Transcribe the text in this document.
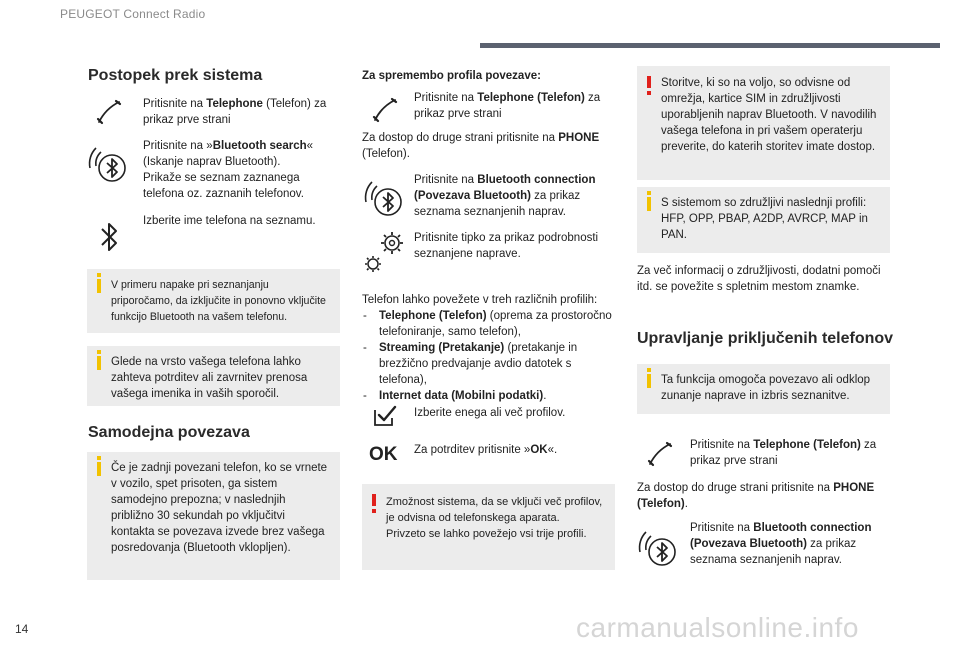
PEUGEOT Connect Radio
Postopek prek sistema
Pritisnite na Telephone (Telefon) za prikaz prve strani
Pritisnite na »Bluetooth search« (Iskanje naprav Bluetooth).
Prikaže se seznam zaznanega telefona oz. zaznanih telefonov.
Izberite ime telefona na seznamu.
V primeru napake pri seznanjanju priporočamo, da izključite in ponovno vključite funkcijo Bluetooth na vašem telefonu.
Glede na vrsto vašega telefona lahko zahteva potrditev ali zavrnitev prenosa vašega imenika in vaših sporočil.
Samodejna povezava
Če je zadnji povezani telefon, ko se vrnete v vozilo, spet prisoten, ga sistem samodejno prepozna; v naslednjih približno 30 sekundah po vključitvi kontakta se povezava izvede brez vašega posredovanja (Bluetooth vklopljen).
Za spremembo profila povezave:
Pritisnite na Telephone (Telefon) za prikaz prve strani
Za dostop do druge strani pritisnite na PHONE (Telefon).
Pritisnite na Bluetooth connection (Povezava Bluetooth) za prikaz seznama seznanjenih naprav.
Pritisnite tipko za prikaz podrobnosti seznanjene naprave.
Telefon lahko povežete v treh različnih profilih:
- Telephone (Telefon) (oprema za prostoročno telefoniranje, samo telefon),
- Streaming (Pretakanje) (pretakanje in brezžično predvajanje avdio datotek s telefona),
- Internet data (Mobilni podatki).
Izberite enega ali več profilov.
OK Za potrditev pritisnite »OK«.
Zmožnost sistema, da se vključi več profilov, je odvisna od telefonskega aparata.
Privzeto se lahko povežejo vsi trije profili.
Storitve, ki so na voljo, so odvisne od omrežja, kartice SIM in združljivosti uporabljenih naprav Bluetooth. V navodilih vašega telefona in pri vašem operaterju preverite, do katerih storitev imate dostop.
S sistemom so združljivi naslednji profili: HFP, OPP, PBAP, A2DP, AVRCP, MAP in PAN.
Za več informacij o združljivosti, dodatni pomoči itd. se povežite s spletnim mestom znamke.
Upravljanje priključenih telefonov
Ta funkcija omogoča povezavo ali odklop zunanje naprave in izbris seznanitve.
Pritisnite na Telephone (Telefon) za prikaz prve strani
Za dostop do druge strani pritisnite na PHONE (Telefon).
Pritisnite na Bluetooth connection (Povezava Bluetooth) za prikaz seznama seznanjenih naprav.
14	carmanualsonline.info
